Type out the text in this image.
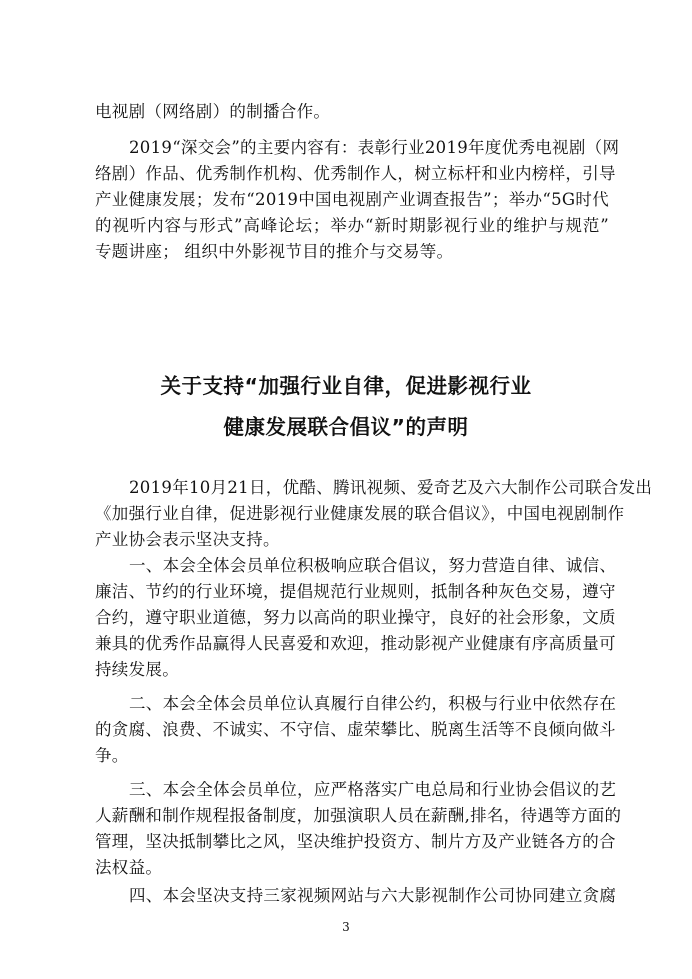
电视剧（网络剧）的制播合作。
2019“深交会”的主要内容有：表彰行业2019年度优秀电视剧（网
络剧）作品、优秀制作机构、优秀制作人，树立标杆和业内榜样，引导
产业健康发展；发布“2019中国电视剧产业调查报告”；举办“5G时代
的视听内容与形式”高峰论坛；举办“新时期影视行业的维护与规范”
专题讲座； 组织中外影视节目的推介与交易等。
关于支持“加强行业自律，促进影视行业
健康发展联合倡议”的声明
2019年10月21日，优酷、腾讯视频、爱奇艺及六大制作公司联合发出
《加强行业自律，促进影视行业健康发展的联合倡议》，中国电视剧制作
产业协会表示坚决支持。
一、本会全体会员单位积极响应联合倡议，努力营造自律、诚信、
廉洁、节约的行业环境，提倡规范行业规则，抵制各种灰色交易，遵守
合约，遵守职业道德，努力以高尚的职业操守，良好的社会形象，文质
兼具的优秀作品赢得人民喜爱和欢迎，推动影视产业健康有序高质量可
持续发展。
二、本会全体会员单位认真履行自律公约，积极与行业中依然存在
的贪腐、浪费、不诚实、不守信、虚荣攀比、脱离生活等不良倾向做斗
争。
三、本会全体会员单位，应严格落实广电总局和行业协会倡议的艺
人薪酬和制作规程报备制度，加强演职人员在薪酬,排名，待遇等方面的
管理，坚决抵制攀比之风，坚决维护投资方、制片方及产业链各方的合
法权益。
四、本会坚决支持三家视频网站与六大影视制作公司协同建立贪腐
3
